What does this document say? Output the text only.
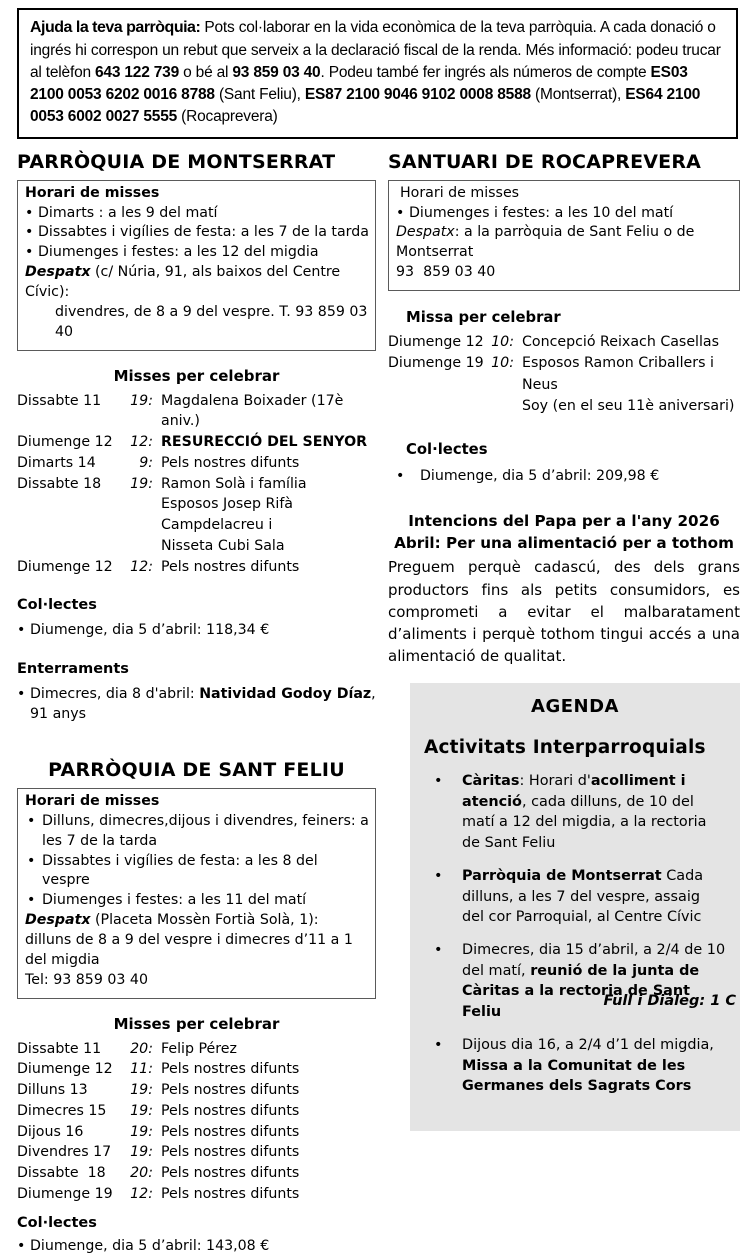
Ajuda la teva parròquia: Pots col·laborar en la vida econòmica de la teva parròquia. A cada donació o ingrés hi correspon un rebut que serveix a la declaració fiscal de la renda. Més informació: podeu trucar al telèfon 643 122 739 o bé al 93 859 03 40. Podeu també fer ingrés als números de compte ES03 2100 0053 6202 0016 8788 (Sant Feliu), ES87 2100 9046 9102 0008 8588 (Montserrat), ES64 2100 0053 6002 0027 5555 (Rocaprevera)

PARRÒQUIA DE MONTSERRAT
Horari de misses
• Dimarts : a les 9 del matí
• Dissabtes i vigílies de festa: a les 7 de la tarda
• Diumenges i festes: a les 12 del migdia
Despatx (c/ Núria, 91, als baixos del Centre Cívic):
divendres, de 8 a 9 del vespre. T. 93 859 03 40
Misses per celebrar
Dissabte 11	19: Magdalena Boixader (17è aniv.)
Diumenge 12	12: RESURECCIÓ DEL SENYOR
Dimarts 14	9: Pels nostres difunts
Dissabte 18	19: Ramon Solà i família
Esposos Josep Rifà Campdelacreu i
Nisseta Cubi Sala
Diumenge 12	12: Pels nostres difunts
Col·lectes
• Diumenge, dia 5 d’abril: 118,34 €
Enterraments
• Dimecres, dia 8 d'abril: Natividad Godoy Díaz, 91 anys
PARRÒQUIA DE SANT FELIU
Horari de misses
• Dilluns, dimecres,dijous i divendres, feiners: a les 7 de la tarda
• Dissabtes i vigílies de festa: a les 8 del vespre
• Diumenges i festes: a les 11 del matí
Despatx (Placeta Mossèn Fortià Solà, 1): dilluns de 8 a 9 del vespre i dimecres d’11 a 1 del migdia
Tel: 93 859 03 40
Misses per celebrar
Dissabte 11	20: Felip Pérez
Diumenge 12	11: Pels nostres difunts
Dilluns 13	19: Pels nostres difunts
Dimecres 15	19: Pels nostres difunts
Dijous 16	19: Pels nostres difunts
Divendres 17	19: Pels nostres difunts
Dissabte  18	20: Pels nostres difunts
Diumenge 19	12: Pels nostres difunts
Col·lectes
• Diumenge, dia 5 d’abril: 143,08 €
SANTUARI DE ROCAPREVERA
Horari de misses
• Diumenges i festes: a les 10 del matí
Despatx: a la parròquia de Sant Feliu o de Montserrat
93  859 03 40
Missa per celebrar
Diumenge 12 10: Concepció Reixach Casellas
Diumenge 19 10: Esposos Ramon Criballers i Neus
Soy (en el seu 11è aniversari)
Col·lectes
• Diumenge, dia 5 d’abril: 209,98 €
Intencions del Papa per a l'any 2026
Abril: Per una alimentació per a tothom

Preguem perquè cadascú, des dels grans productors fins als petits consumidors, es comprometi a evitar el malbaratament d’aliments i perquè tothom tingui accés a una alimentació de qualitat.

AGENDA
Activitats Interparroquials
• Càritas: Horari d'acolliment i atenció, cada dilluns, de 10 del matí a 12 del migdia, a la rectoria de Sant Feliu
• Parròquia de Montserrat Cada dilluns, a les 7 del vespre, assaig del cor Parroquial, al Centre Cívic
• Dimecres, dia 15 d’abril, a 2/4 de 10 del matí, reunió de la junta de Càritas a la rectoria de Sant Feliu
• Dijous dia 16, a 2/4 d’1 del migdia, Missa a la Comunitat de les Germanes dels Sagrats Cors
Full i Diàleg: 1 C
